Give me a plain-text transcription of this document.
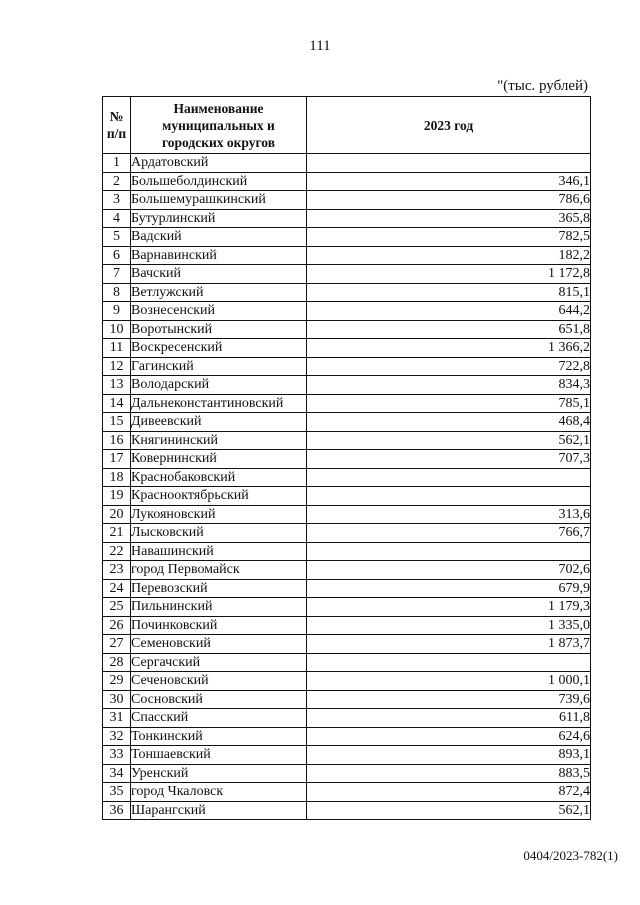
111
"(тыс. рублей)
№ п/п	Наименование муниципальных и городских округов	2023 год
1	Ардатовский	
2	Большеболдинский	346,1
3	Большемурашкинский	786,6
4	Бутурлинский	365,8
5	Вадский	782,5
6	Варнавинский	182,2
7	Вачский	1 172,8
8	Ветлужский	815,1
9	Вознесенский	644,2
10	Воротынский	651,8
11	Воскресенский	1 366,2
12	Гагинский	722,8
13	Володарский	834,3
14	Дальнеконстантиновский	785,1
15	Дивеевский	468,4
16	Княгининский	562,1
17	Ковернинский	707,3
18	Краснобаковский	
19	Краснооктябрьский	
20	Лукояновский	313,6
21	Лысковский	766,7
22	Навашинский	
23	город Первомайск	702,6
24	Перевозский	679,9
25	Пильнинский	1 179,3
26	Починковский	1 335,0
27	Семеновский	1 873,7
28	Сергачский	
29	Сеченовский	1 000,1
30	Сосновский	739,6
31	Спасский	611,8
32	Тонкинский	624,6
33	Тоншаевский	893,1
34	Уренский	883,5
35	город Чкаловск	872,4
36	Шарангский	562,1
0404/2023-782(1)
